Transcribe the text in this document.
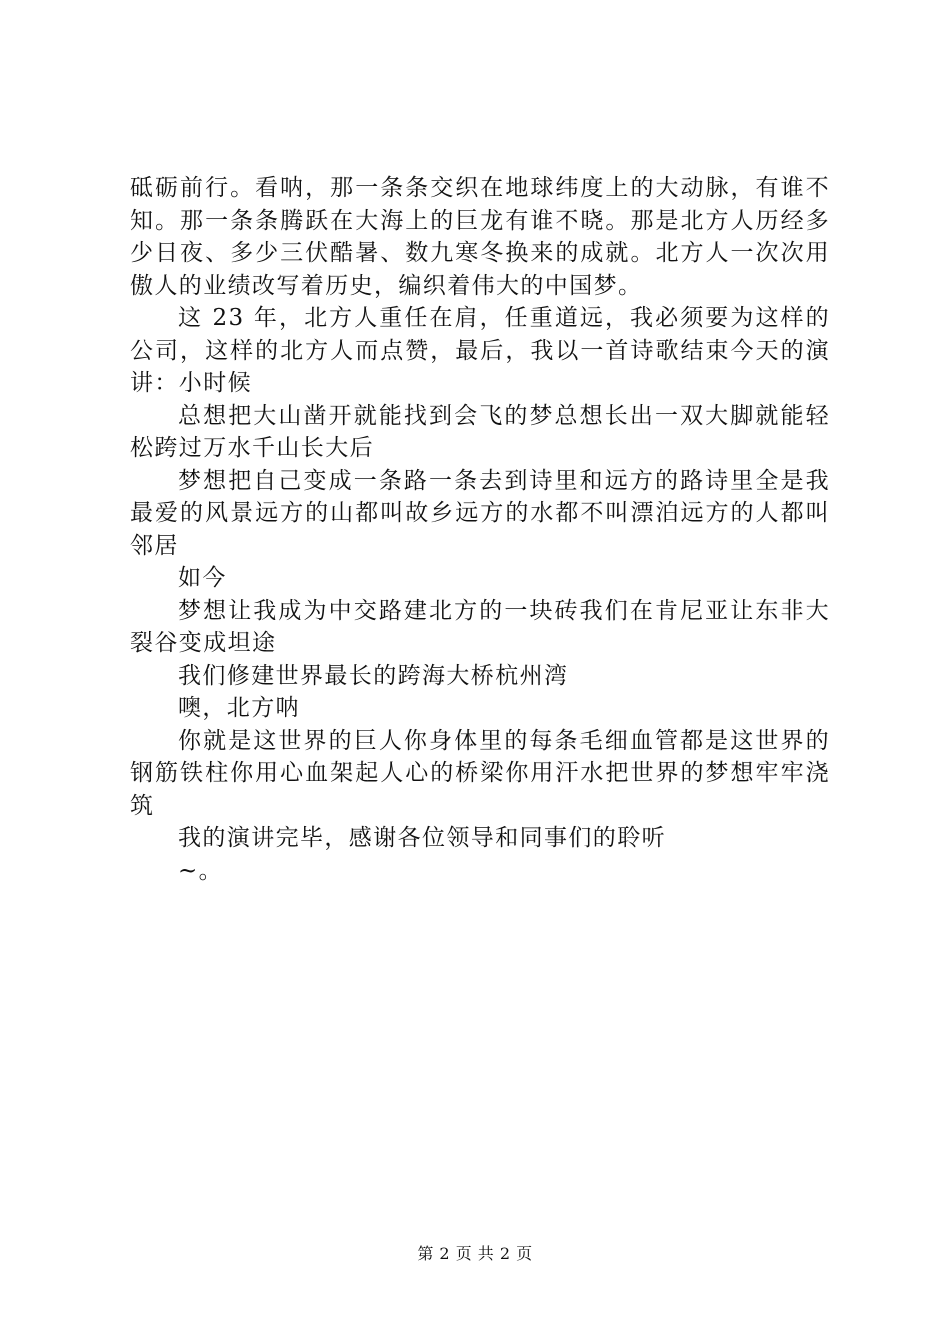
砥砺前行。看呐，那一条条交织在地球纬度上的大动脉，有谁不知。那一条条腾跃在大海上的巨龙有谁不晓。那是北方人历经多少日夜、多少三伏酷暑、数九寒冬换来的成就。北方人一次次用傲人的业绩改写着历史，编织着伟大的中国梦。

这 23 年，北方人重任在肩，任重道远，我必须要为这样的公司，这样的北方人而点赞，最后，我以一首诗歌结束今天的演讲：小时候

总想把大山凿开就能找到会飞的梦总想长出一双大脚就能轻松跨过万水千山长大后

梦想把自己变成一条路一条去到诗里和远方的路诗里全是我最爱的风景远方的山都叫故乡远方的水都不叫漂泊远方的人都叫邻居

如今

梦想让我成为中交路建北方的一块砖我们在肯尼亚让东非大裂谷变成坦途

我们修建世界最长的跨海大桥杭州湾

噢，北方呐

你就是这世界的巨人你身体里的每条毛细血管都是这世界的钢筋铁柱你用心血架起人心的桥梁你用汗水把世界的梦想牢牢浇筑

我的演讲完毕，感谢各位领导和同事们的聆听

~。

第 2 页 共 2 页
